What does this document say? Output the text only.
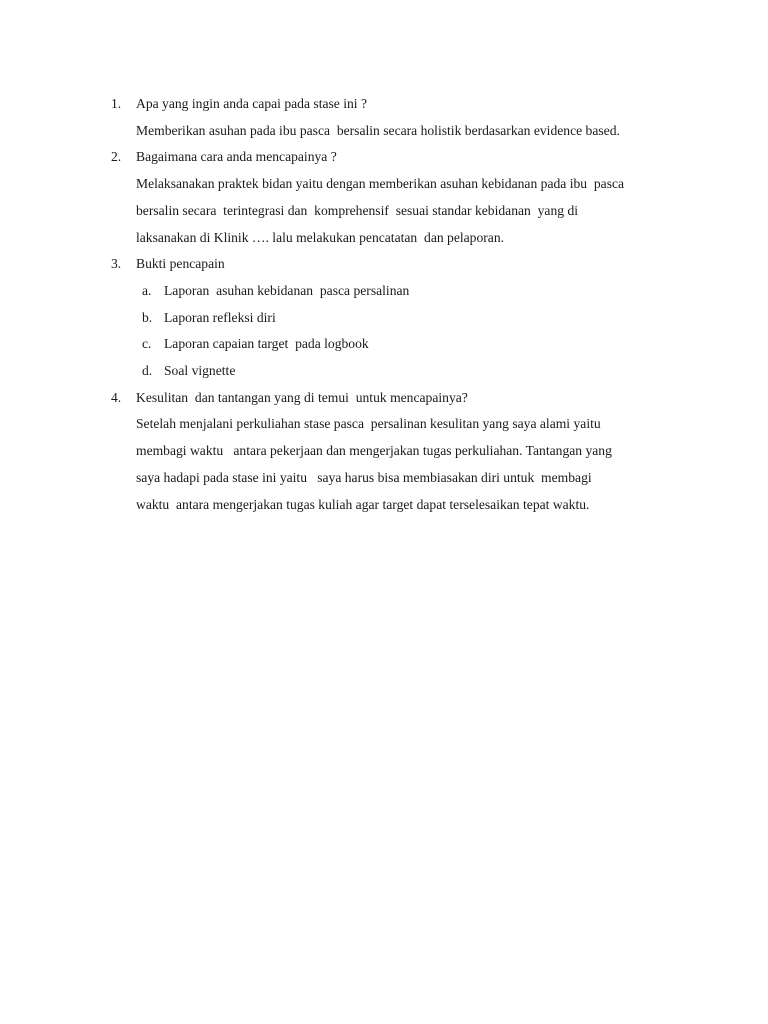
1. Apa yang ingin anda capai pada stase ini ?
Memberikan asuhan pada ibu pasca  bersalin secara holistik berdasarkan evidence based.
2. Bagaimana cara anda mencapainya ?
Melaksanakan praktek bidan yaitu dengan memberikan asuhan kebidanan pada ibu  pasca
bersalin secara  terintegrasi dan  komprehensif  sesuai standar kebidanan  yang di
laksanakan di Klinik …. lalu melakukan pencatatan  dan pelaporan.
3. Bukti pencapain
a. Laporan  asuhan kebidanan  pasca persalinan
b. Laporan refleksi diri
c. Laporan capaian target  pada logbook
d. Soal vignette
4. Kesulitan  dan tantangan yang di temui  untuk mencapainya?
Setelah menjalani perkuliahan stase pasca  persalinan kesulitan yang saya alami yaitu
membagi waktu   antara pekerjaan dan mengerjakan tugas perkuliahan. Tantangan yang
saya hadapi pada stase ini yaitu   saya harus bisa membiasakan diri untuk  membagi
waktu  antara mengerjakan tugas kuliah agar target dapat terselesaikan tepat waktu.
